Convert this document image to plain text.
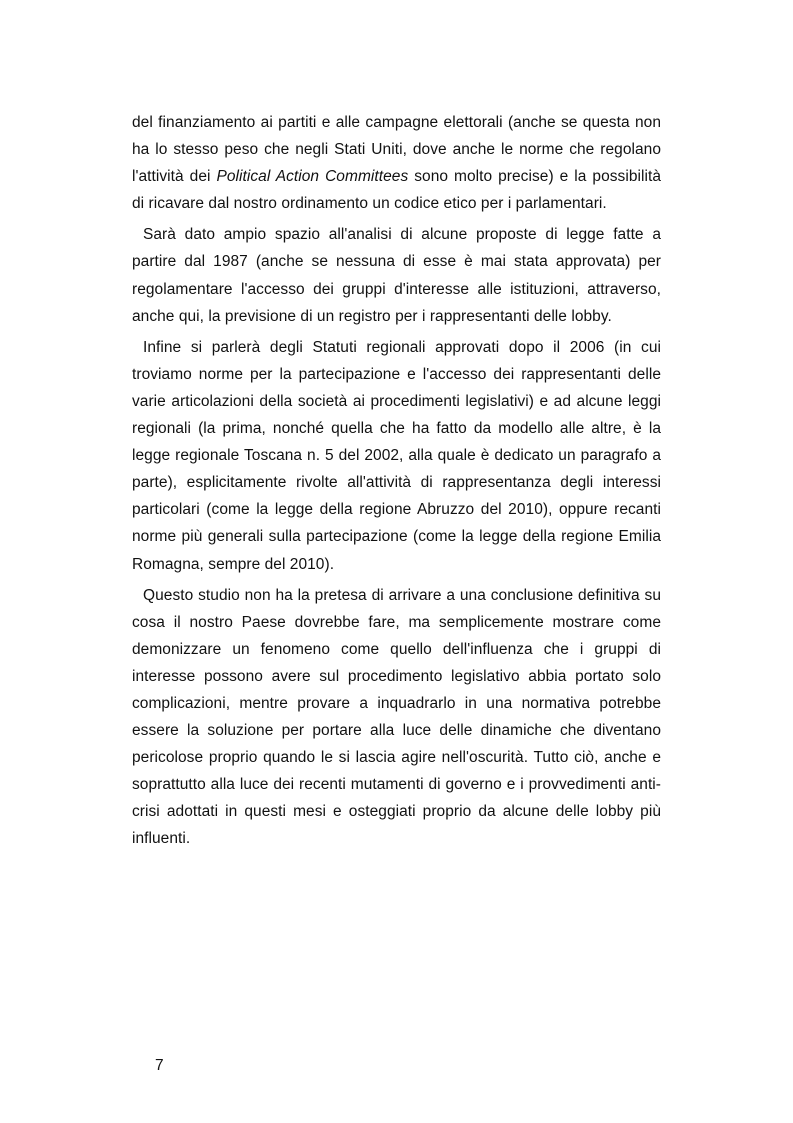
del finanziamento ai partiti e alle campagne elettorali (anche se questa non ha lo stesso peso che negli Stati Uniti, dove anche le norme che regolano l'attività dei Political Action Committees sono molto precise) e la possibilità di ricavare dal nostro ordinamento un codice etico per i parlamentari.

Sarà dato ampio spazio all'analisi di alcune proposte di legge fatte a partire dal 1987 (anche se nessuna di esse è mai stata approvata) per regolamentare l'accesso dei gruppi d'interesse alle istituzioni, attraverso, anche qui, la previsione di un registro per i rappresentanti delle lobby.

Infine si parlerà degli Statuti regionali approvati dopo il 2006 (in cui troviamo norme per la partecipazione e l'accesso dei rappresentanti delle varie articolazioni della società ai procedimenti legislativi) e ad alcune leggi regionali (la prima, nonché quella che ha fatto da modello alle altre, è la legge regionale Toscana n. 5 del 2002, alla quale è dedicato un paragrafo a parte), esplicitamente rivolte all'attività di rappresentanza degli interessi particolari (come la legge della regione Abruzzo del 2010), oppure recanti norme più generali sulla partecipazione (come la legge della regione Emilia Romagna, sempre del 2010).

Questo studio non ha la pretesa di arrivare a una conclusione definitiva su cosa il nostro Paese dovrebbe fare, ma semplicemente mostrare come demonizzare un fenomeno come quello dell'influenza che i gruppi di interesse possono avere sul procedimento legislativo abbia portato solo complicazioni, mentre provare a inquadrarlo in una normativa potrebbe essere la soluzione per portare alla luce delle dinamiche che diventano pericolose proprio quando le si lascia agire nell'oscurità. Tutto ciò, anche e soprattutto alla luce dei recenti mutamenti di governo e i provvedimenti anti-crisi adottati in questi mesi e osteggiati proprio da alcune delle lobby più influenti.

7
